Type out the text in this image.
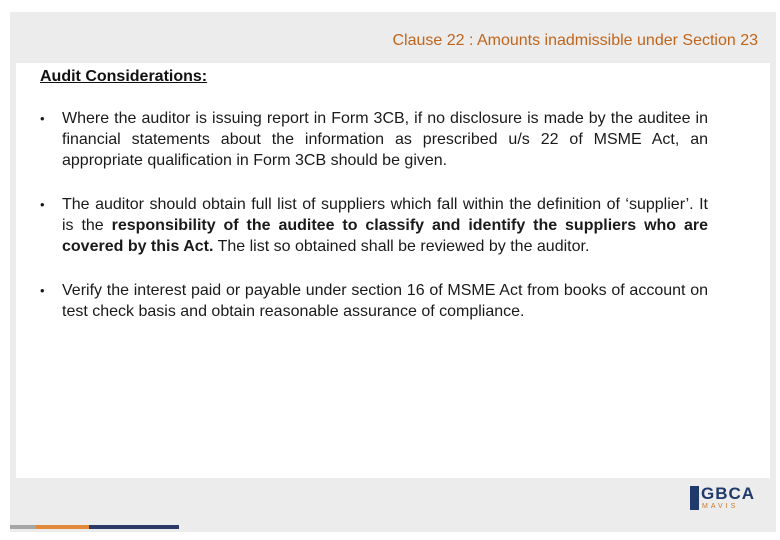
Clause 22 : Amounts inadmissible under Section 23
Audit Considerations:
• Where the auditor is issuing report in Form 3CB, if no disclosure is made by the auditee in financial statements about the information as prescribed u/s 22 of MSME Act, an appropriate qualification in Form 3CB should be given.
• The auditor should obtain full list of suppliers which fall within the definition of ‘supplier’. It is the responsibility of the auditee to classify and identify the suppliers who are covered by this Act. The list so obtained shall be reviewed by the auditor.
• Verify the interest paid or payable under section 16 of MSME Act from books of account on test check basis and obtain reasonable assurance of compliance.
GBCA
MAVIS
